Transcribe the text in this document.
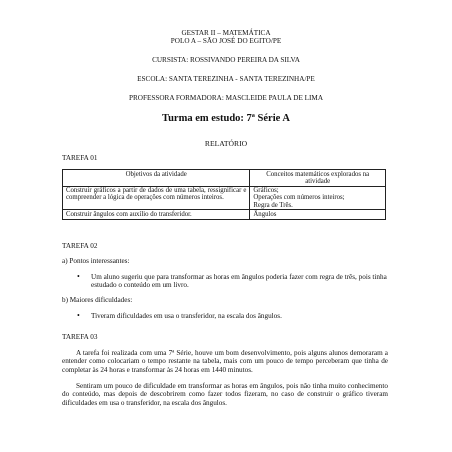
GESTAR II – MATEMÁTICA
POLO A – SÃO JOSÉ DO EGITO/PE
CURSISTA: ROSSIVANDO PEREIRA DA SILVA
ESCOLA: SANTA TEREZINHA - SANTA TEREZINHA/PE
PROFESSORA FORMADORA: MASCLEIDE PAULA DE LIMA
Turma em estudo: 7ª Série A
RELATÓRIO
TAREFA 01
Objetivos da atividade	Conceitos matemáticos explorados na atividade
Construir gráficos a partir de dados de uma tabela, ressignificar e compreender a lógica de operações com números inteiros.	Gráficos;
Operações com números inteiros;
Regra de Três.

Construir ângulos com auxílio do transferidor.	Ângulos
TAREFA 02
a) Pontos interessantes:
• Um aluno sugeriu que para transformar as horas em ângulos poderia fazer com regra de três, pois tinha estudado o conteúdo em um livro.
b) Maiores dificuldades:
• Tiveram dificuldades em usa o transferidor, na escala dos ângulos.
TAREFA 03
A tarefa foi realizada com uma 7ª Série, houve um bom desenvolvimento, pois alguns alunos demoraram a entender como colocariam o tempo restante na tabela, mais com um pouco de tempo perceberam que tinha de completar às 24 horas e transformar às 24 horas em 1440 minutos.
Sentiram um pouco de dificuldade em transformar as horas em ângulos, pois não tinha muito conhecimento do conteúdo, mas depois de descobrirem como fazer todos fizeram, no caso de construir o gráfico tiveram dificuldades em usa o transferidor, na escala dos ângulos.
